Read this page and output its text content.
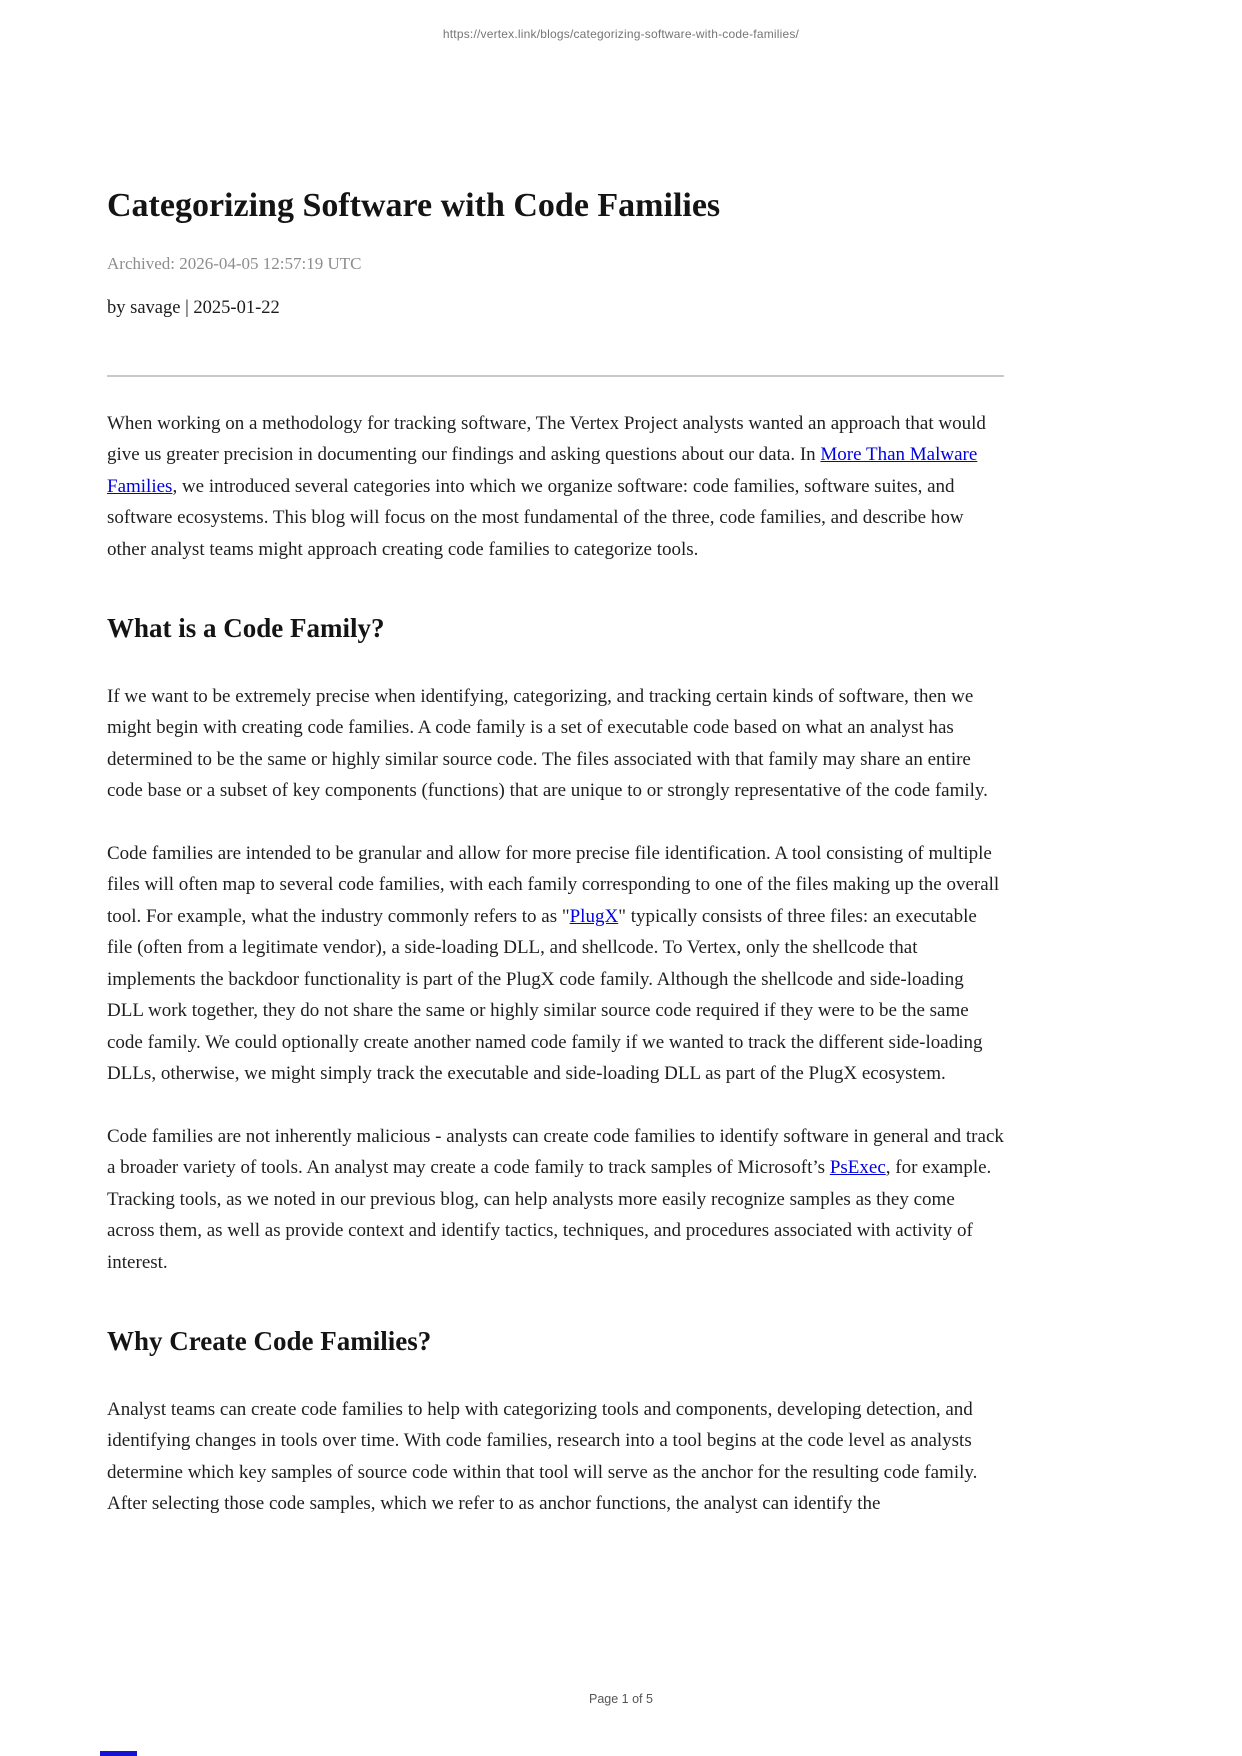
https://vertex.link/blogs/categorizing-software-with-code-families/
Categorizing Software with Code Families
Archived: 2026-04-05 12:57:19 UTC
by savage | 2025-01-22

When working on a methodology for tracking software, The Vertex Project analysts wanted an approach that would give us greater precision in documenting our findings and asking questions about our data. In More Than Malware Families, we introduced several categories into which we organize software: code families, software suites, and software ecosystems. This blog will focus on the most fundamental of the three, code families, and describe how other analyst teams might approach creating code families to categorize tools.

What is a Code Family?

If we want to be extremely precise when identifying, categorizing, and tracking certain kinds of software, then we might begin with creating code families. A code family is a set of executable code based on what an analyst has determined to be the same or highly similar source code. The files associated with that family may share an entire code base or a subset of key components (functions) that are unique to or strongly representative of the code family.

Code families are intended to be granular and allow for more precise file identification. A tool consisting of multiple files will often map to several code families, with each family corresponding to one of the files making up the overall tool. For example, what the industry commonly refers to as "PlugX" typically consists of three files: an executable file (often from a legitimate vendor), a side-loading DLL, and shellcode. To Vertex, only the shellcode that implements the backdoor functionality is part of the PlugX code family. Although the shellcode and side-loading DLL work together, they do not share the same or highly similar source code required if they were to be the same code family. We could optionally create another named code family if we wanted to track the different side-loading DLLs, otherwise, we might simply track the executable and side-loading DLL as part of the PlugX ecosystem.

Code families are not inherently malicious - analysts can create code families to identify software in general and track a broader variety of tools. An analyst may create a code family to track samples of Microsoft’s PsExec, for example. Tracking tools, as we noted in our previous blog, can help analysts more easily recognize samples as they come across them, as well as provide context and identify tactics, techniques, and procedures associated with activity of interest.

Why Create Code Families?

Analyst teams can create code families to help with categorizing tools and components, developing detection, and identifying changes in tools over time. With code families, research into a tool begins at the code level as analysts determine which key samples of source code within that tool will serve as the anchor for the resulting code family. After selecting those code samples, which we refer to as anchor functions, the analyst can identify the

Page 1 of 5
